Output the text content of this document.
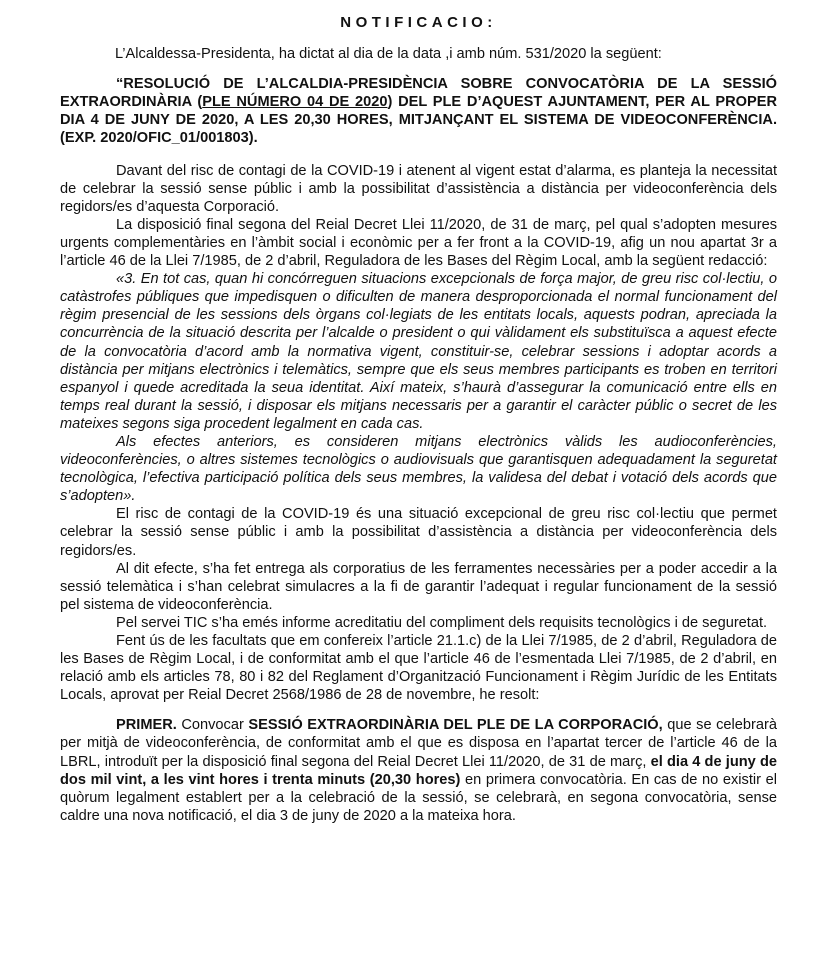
NOTIFICACIO:

L’Alcaldessa-Presidenta, ha dictat al dia de la data ,i amb núm. 531/2020 la següent:

“RESOLUCIÓ DE L’ALCALDIA-PRESIDÈNCIA SOBRE CONVOCATÒRIA DE LA SESSIÓ EXTRAORDINÀRIA (PLE NÚMERO 04 DE 2020) DEL PLE D’AQUEST AJUNTAMENT, PER AL PROPER DIA 4 DE JUNY DE 2020, A LES 20,30 HORES, MITJANÇANT EL SISTEMA DE VIDEOCONFERÈNCIA. (EXP. 2020/OFIC_01/001803).

Davant del risc de contagi de la COVID-19 i atenent al vigent estat d’alarma, es planteja la necessitat de celebrar la sessió sense públic i amb la possibilitat d’assistència a distància per videoconferència dels regidors/es d’aquesta Corporació.

La disposició final segona del Reial Decret Llei 11/2020, de 31 de març, pel qual s’adopten mesures urgents complementàries en l’àmbit social i econòmic per a fer front a la COVID-19, afig un nou apartat 3r a l’article 46 de la Llei 7/1985, de 2 d’abril, Reguladora de les Bases del Règim Local, amb la següent redacció:

«3. En tot cas, quan hi concórreguen situacions excepcionals de força major, de greu risc col·lectiu, o catàstrofes públiques que impedisquen o dificulten de manera desproporcionada el normal funcionament del règim presencial de les sessions dels òrgans col·legiats de les entitats locals, aquests podran, apreciada la concurrència de la situació descrita per l’alcalde o president o qui vàlidament els substituïsca a aquest efecte de la convocatòria d’acord amb la normativa vigent, constituir-se, celebrar sessions i adoptar acords a distància per mitjans electrònics i telemàtics, sempre que els seus membres participants es troben en territori espanyol i quede acreditada la seua identitat. Així mateix, s’haurà d’assegurar la comunicació entre ells en temps real durant la sessió, i disposar els mitjans necessaris per a garantir el caràcter públic o secret de les mateixes segons siga procedent legalment en cada cas.

Als efectes anteriors, es consideren mitjans electrònics vàlids les audioconferències, videoconferències, o altres sistemes tecnològics o audiovisuals que garantisquen adequadament la seguretat tecnològica, l’efectiva participació política dels seus membres, la validesa del debat i votació dels acords que s’adopten».

El risc de contagi de la COVID-19 és una situació excepcional de greu risc col·lectiu que permet celebrar la sessió sense públic i amb la possibilitat d’assistència a distància per videoconferència dels regidors/es.

Al dit efecte, s’ha fet entrega als corporatius de les ferramentes necessàries per a poder accedir a la sessió telemàtica i s’han celebrat simulacres a la fi de garantir l’adequat i regular funcionament de la sessió pel sistema de videoconferència.

Pel servei TIC s’ha emés informe acreditatiu del compliment dels requisits tecnològics i de seguretat.

Fent ús de les facultats que em confereix l’article 21.1.c) de la Llei 7/1985, de 2 d’abril, Reguladora de les Bases de Règim Local, i de conformitat amb el que l’article 46 de l’esmentada Llei 7/1985, de 2 d’abril, en relació amb els articles 78, 80 i 82 del Reglament d’Organització Funcionament i Règim Jurídic de les Entitats Locals, aprovat per Reial Decret 2568/1986 de 28 de novembre, he resolt:

PRIMER. Convocar SESSIÓ EXTRAORDINÀRIA DEL PLE DE LA CORPORACIÓ, que se celebrarà per mitjà de videoconferència, de conformitat amb el que es disposa en l’apartat tercer de l’article 46 de la LBRL, introduït per la disposició final segona del Reial Decret Llei 11/2020, de 31 de març, el dia 4 de juny de dos mil vint, a les vint hores i trenta minuts (20,30 hores) en primera convocatòria. En cas de no existir el quòrum legalment establert per a la celebració de la sessió, se celebrarà, en segona convocatòria, sense caldre una nova notificació, el dia 3 de juny de 2020 a la mateixa hora.
